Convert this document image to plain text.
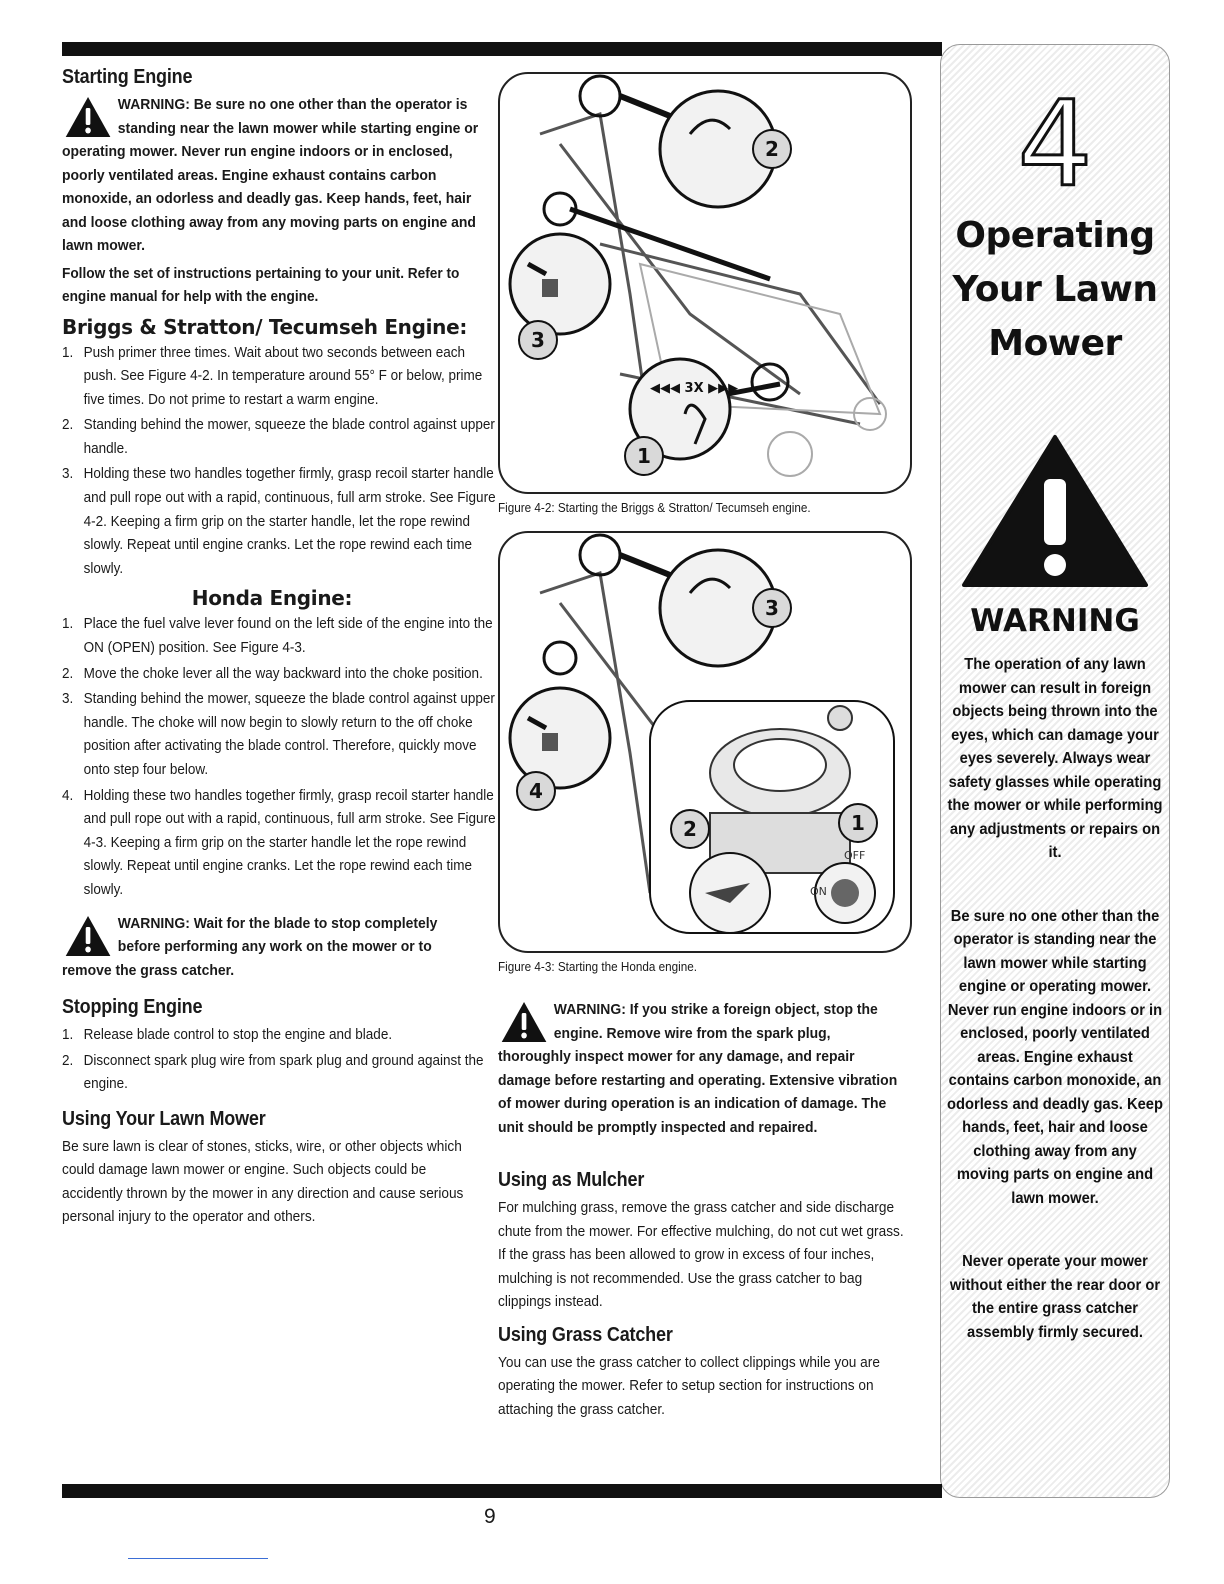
Starting Engine
WARNING: Be sure no one other than the operator is standing near the lawn mower while starting engine or operating mower. Never run engine indoors or in enclosed, poorly ventilated areas. Engine exhaust contains carbon monoxide, an odorless and deadly gas. Keep hands, feet, hair and loose clothing away from any moving parts on engine and lawn mower.

Follow the set of instructions pertaining to your unit. Refer to engine manual for help with the engine.

Briggs & Stratton/ Tecumseh Engine:
1. Push primer three times. Wait about two seconds between each push. See Figure 4-2. In temperature around 55° F or below, prime five times. Do not prime to restart a warm engine.
2. Standing behind the mower, squeeze the blade control against upper handle.
3. Holding these two handles together firmly, grasp recoil starter handle and pull rope out with a rapid, continuous, full arm stroke. See Figure 4-2. Keeping a firm grip on the starter handle, let the rope rewind slowly. Repeat until engine cranks. Let the rope rewind each time slowly.
Honda Engine:
1. Place the fuel valve lever found on the left side of the engine into the ON (OPEN) position. See Figure 4-3.
2. Move the choke lever all the way backward into the choke position.
3. Standing behind the mower, squeeze the blade control against upper handle. The choke will now begin to slowly return to the off choke position after activating the blade control. Therefore, quickly move onto step four below.
4. Holding these two handles together firmly, grasp recoil starter handle and pull rope out with a rapid, continuous, full arm stroke. See Figure 4-3. Keeping a firm grip on the starter handle let the rope rewind slowly. Repeat until engine cranks. Let the rope rewind each time slowly.
WARNING: Wait for the blade to stop completely before performing any work on the mower or to remove the grass catcher.
Stopping Engine
1. Release blade control to stop the engine and blade.
2. Disconnect spark plug wire from spark plug and ground against the engine.
Using Your Lawn Mower

Be sure lawn is clear of stones, sticks, wire, or other objects which could damage lawn mower or engine. Such objects could be accidently thrown by the mower in any direction and cause serious personal injury to the operator and others.

◀◀◀ 3X ▶▶▶
2
3
1
Figure 4-2: Starting the Briggs & Stratton/ Tecumseh engine.
OFF
ON
3
4
2	1
Figure 4-3: Starting the Honda engine.
WARNING: If you strike a foreign object, stop the engine. Remove wire from the spark plug, thoroughly inspect mower for any damage, and repair damage before restarting and operating. Extensive vibration of mower during operation is an indication of damage. The unit should be promptly inspected and repaired.
Using as Mulcher

For mulching grass, remove the grass catcher and side discharge chute from the mower. For effective mulching, do not cut wet grass. If the grass has been allowed to grow in excess of four inches, mulching is not recommended. Use the grass catcher to bag clippings instead.

Using Grass Catcher

You can use the grass catcher to collect clippings while you are operating the mower. Refer to setup section for instructions on attaching the grass catcher.

4
Operating
Your Lawn
Mower
WARNING
The operation of any lawn mower can result in foreign objects being thrown into the eyes, which can damage your eyes severely. Always wear safety glasses while operating the mower or while performing any adjustments or repairs on it.
Be sure no one other than the operator is standing near the lawn mower while starting engine or operating mower. Never run engine indoors or in enclosed, poorly ventilated areas. Engine exhaust contains carbon monoxide, an odorless and deadly gas. Keep hands, feet, hair and loose clothing away from any moving parts on engine and lawn mower.
Never operate your mower without either the rear door or the entire grass catcher assembly firmly secured.
9
